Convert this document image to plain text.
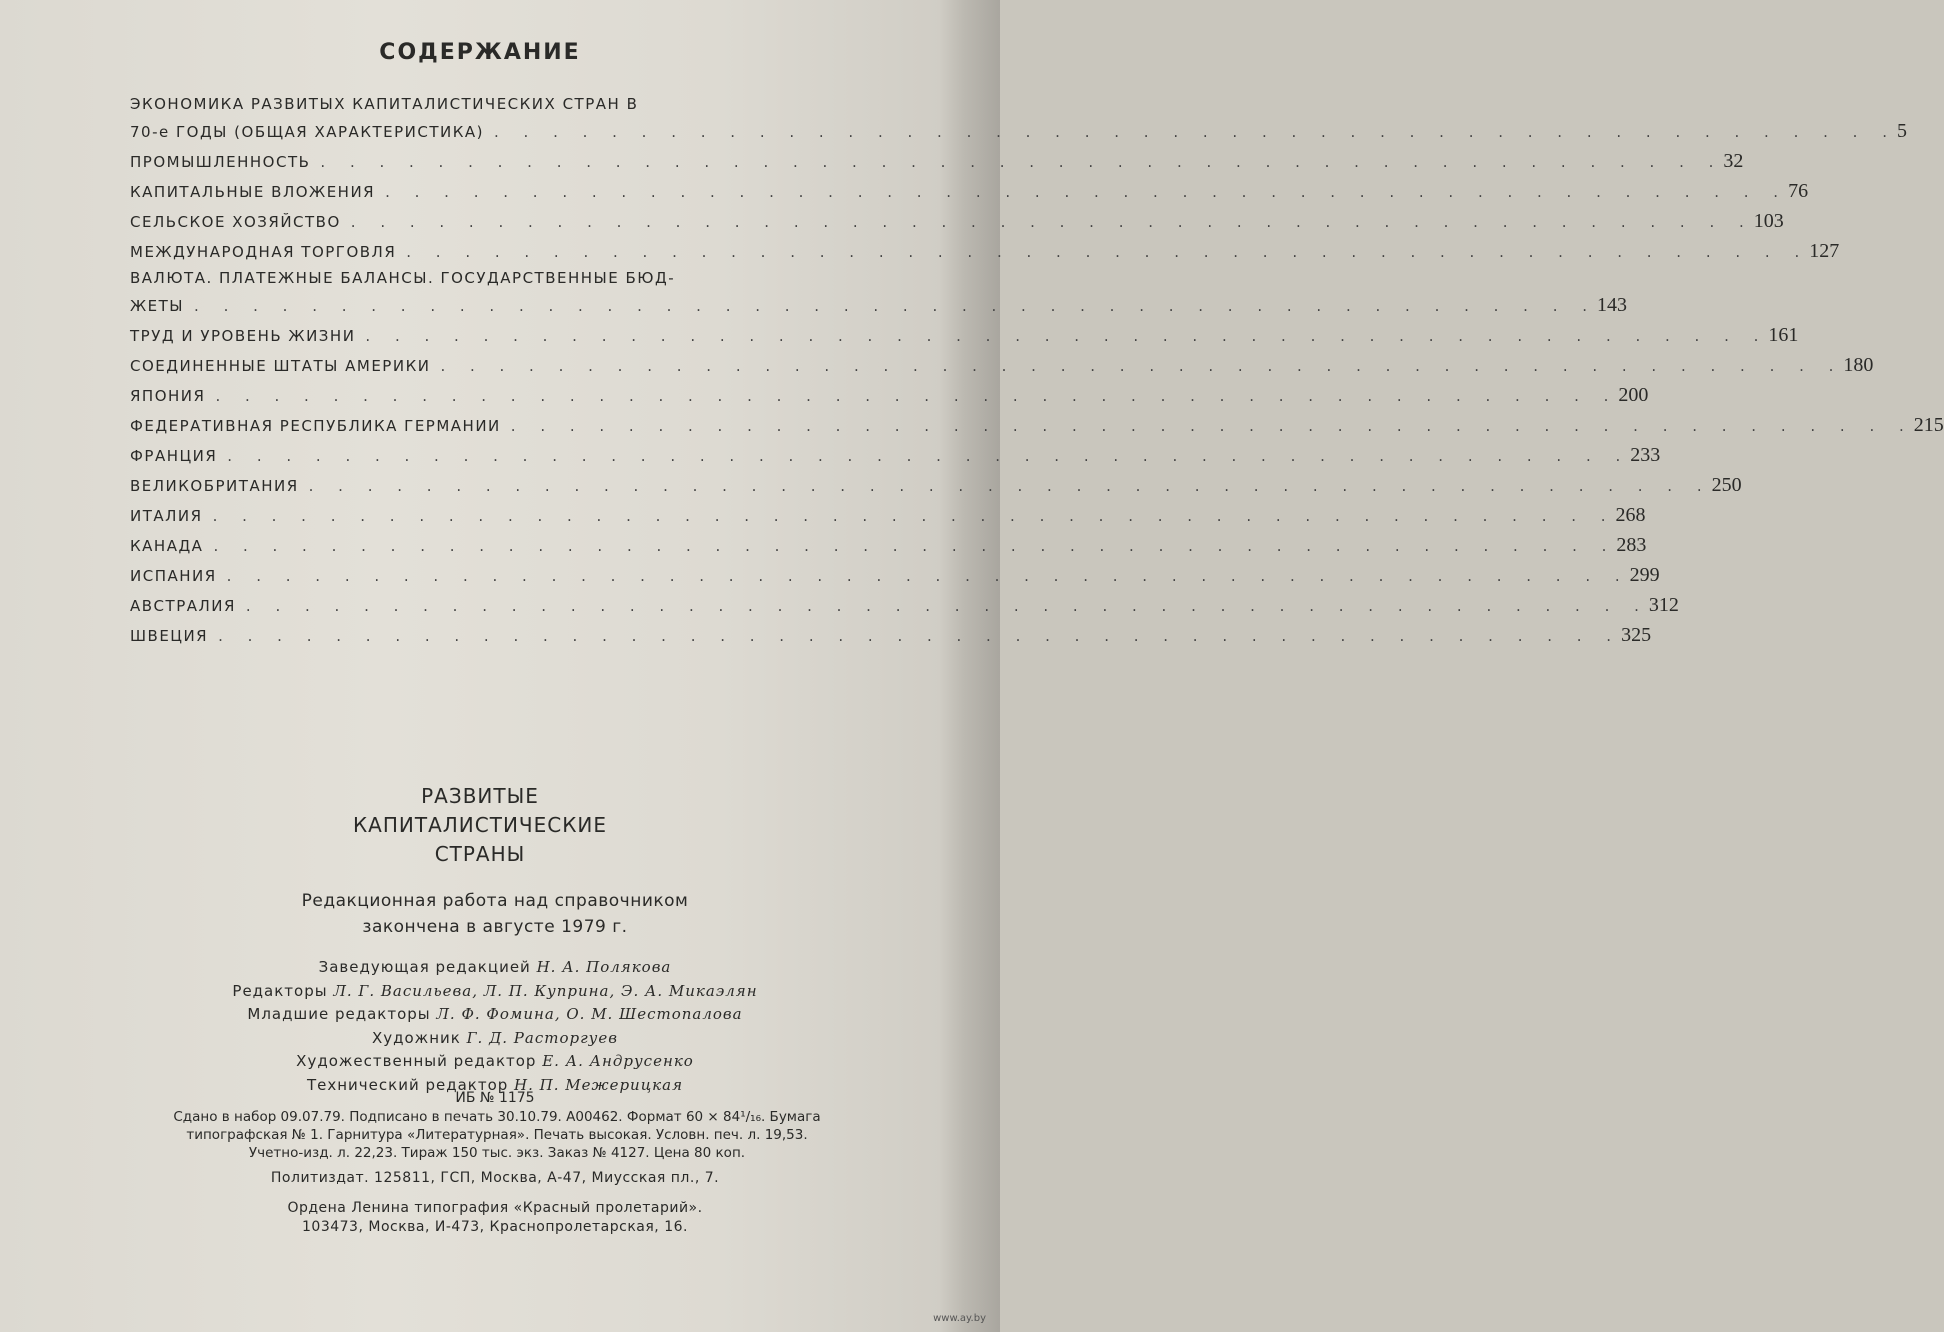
СОДЕРЖАНИЕ
ЭКОНОМИКА РАЗВИТЫХ КАПИТАЛИСТИЧЕСКИХ СТРАН В
70-е ГОДЫ (ОБЩАЯ ХАРАКТЕРИСТИКА) . . . . . . . . . . . . . . . . . . . . . . . . . . . . . . . . . . . . . . . . . . . . . . . . 5
ПРОМЫШЛЕННОСТЬ . . . . . . . . . . . . . . . . . . . . . . . . . . . . . . . . . . . . . . . . . . . . . . . . 32
КАПИТАЛЬНЫЕ ВЛОЖЕНИЯ . . . . . . . . . . . . . . . . . . . . . . . . . . . . . . . . . . . . . . . . . . . . . . . . 76
СЕЛЬСКОЕ ХОЗЯЙСТВО . . . . . . . . . . . . . . . . . . . . . . . . . . . . . . . . . . . . . . . . . . . . . . . . 103
МЕЖДУНАРОДНАЯ ТОРГОВЛЯ . . . . . . . . . . . . . . . . . . . . . . . . . . . . . . . . . . . . . . . . . . . . . . . . 127
ВАЛЮТА. ПЛАТЕЖНЫЕ БАЛАНСЫ. ГОСУДАРСТВЕННЫЕ БЮД-
ЖЕТЫ . . . . . . . . . . . . . . . . . . . . . . . . . . . . . . . . . . . . . . . . . . . . . . . . 143
ТРУД И УРОВЕНЬ ЖИЗНИ . . . . . . . . . . . . . . . . . . . . . . . . . . . . . . . . . . . . . . . . . . . . . . . . 161
СОЕДИНЕННЫЕ ШТАТЫ АМЕРИКИ . . . . . . . . . . . . . . . . . . . . . . . . . . . . . . . . . . . . . . . . . . . . . . . . 180
ЯПОНИЯ . . . . . . . . . . . . . . . . . . . . . . . . . . . . . . . . . . . . . . . . . . . . . . . . 200
ФЕДЕРАТИВНАЯ РЕСПУБЛИКА ГЕРМАНИИ . . . . . . . . . . . . . . . . . . . . . . . . . . . . . . . . . . . . . . . . . . . . . . . . 215
ФРАНЦИЯ . . . . . . . . . . . . . . . . . . . . . . . . . . . . . . . . . . . . . . . . . . . . . . . . 233
ВЕЛИКОБРИТАНИЯ . . . . . . . . . . . . . . . . . . . . . . . . . . . . . . . . . . . . . . . . . . . . . . . . 250
ИТАЛИЯ . . . . . . . . . . . . . . . . . . . . . . . . . . . . . . . . . . . . . . . . . . . . . . . . 268
КАНАДА . . . . . . . . . . . . . . . . . . . . . . . . . . . . . . . . . . . . . . . . . . . . . . . . 283
ИСПАНИЯ . . . . . . . . . . . . . . . . . . . . . . . . . . . . . . . . . . . . . . . . . . . . . . . . 299
АВСТРАЛИЯ . . . . . . . . . . . . . . . . . . . . . . . . . . . . . . . . . . . . . . . . . . . . . . . . 312
ШВЕЦИЯ . . . . . . . . . . . . . . . . . . . . . . . . . . . . . . . . . . . . . . . . . . . . . . . . 325
РАЗВИТЫЕ
КАПИТАЛИСТИЧЕСКИЕ
СТРАНЫ
Редакционная работа над справочником
закончена в августе 1979 г.
Заведующая редакцией Н. А. Полякова
Редакторы Л. Г. Васильева, Л. П. Куприна, Э. А. Микаэлян
Младшие редакторы Л. Ф. Фомина, О. М. Шестопалова
Художник Г. Д. Расторгуев
Художественный редактор Е. А. Андрусенко
Технический редактор Н. П. Межерицкая
ИБ № 1175
Сдано в набор 09.07.79. Подписано в печать 30.10.79. А00462. Формат 60 × 84¹/₁₆. Бумага
типографская № 1. Гарнитура «Литературная». Печать высокая. Условн. печ. л. 19,53.
Учетно-изд. л. 22,23. Тираж 150 тыс. экз. Заказ № 4127. Цена 80 коп.
Политиздат. 125811, ГСП, Москва, А-47, Миусская пл., 7.
Ордена Ленина типография «Красный пролетарий».
103473, Москва, И-473, Краснопролетарская, 16.
www.ay.by
